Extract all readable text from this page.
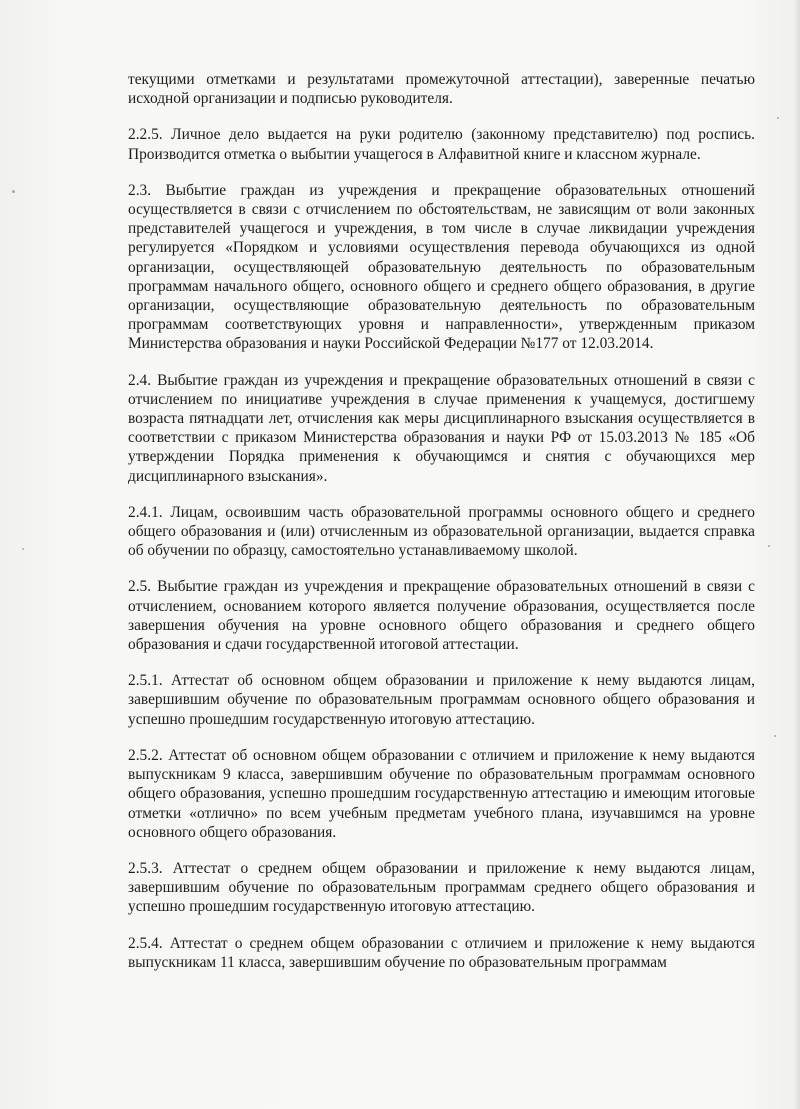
текущими отметками и результатами промежуточной аттестации), заверенные печатью исходной организации и подписью руководителя.

2.2.5. Личное дело выдается на руки родителю (законному представителю) под роспись. Производится отметка о выбытии учащегося в Алфавитной книге и классном журнале.

2.3. Выбытие граждан из учреждения и прекращение образовательных отношений осуществляется в связи с отчислением по обстоятельствам, не зависящим от воли законных представителей учащегося и учреждения, в том числе в случае ликвидации учреждения регулируется «Порядком и условиями осуществления перевода обучающихся из одной организации, осуществляющей образовательную деятельность по образовательным программам начального общего, основного общего и среднего общего образования, в другие организации, осуществляющие образовательную деятельность по образовательным программам соответствующих уровня и направленности», утвержденным приказом Министерства образования и науки Российской Федерации №177 от 12.03.2014.

2.4. Выбытие граждан из учреждения и прекращение образовательных отношений в связи с отчислением по инициативе учреждения в случае применения к учащемуся, достигшему возраста пятнадцати лет, отчисления как меры дисциплинарного взыскания осуществляется в соответствии с приказом Министерства образования и науки РФ от 15.03.2013 № 185 «Об утверждении Порядка применения к обучающимся и снятия с обучающихся мер дисциплинарного взыскания».

2.4.1. Лицам, освоившим часть образовательной программы основного общего и среднего общего образования и (или) отчисленным из образовательной организации, выдается справка об обучении по образцу, самостоятельно устанавливаемому школой.

2.5. Выбытие граждан из учреждения и прекращение образовательных отношений в связи с отчислением, основанием которого является получение образования, осуществляется после завершения обучения на уровне основного общего образования и среднего общего образования и сдачи государственной итоговой аттестации.

2.5.1. Аттестат об основном общем образовании и приложение к нему выдаются лицам, завершившим обучение по образовательным программам основного общего образования и успешно прошедшим государственную итоговую аттестацию.

2.5.2. Аттестат об основном общем образовании с отличием и приложение к нему выдаются выпускникам 9 класса, завершившим обучение по образовательным программам основного общего образования, успешно прошедшим государственную аттестацию и имеющим итоговые отметки «отлично» по всем учебным предметам учебного плана, изучавшимся на уровне основного общего образования.

2.5.3. Аттестат о среднем общем образовании и приложение к нему выдаются лицам, завершившим обучение по образовательным программам среднего общего образования и успешно прошедшим государственную итоговую аттестацию.

2.5.4. Аттестат о среднем общем образовании с отличием и приложение к нему выдаются выпускникам 11 класса, завершившим обучение по образовательным программам
